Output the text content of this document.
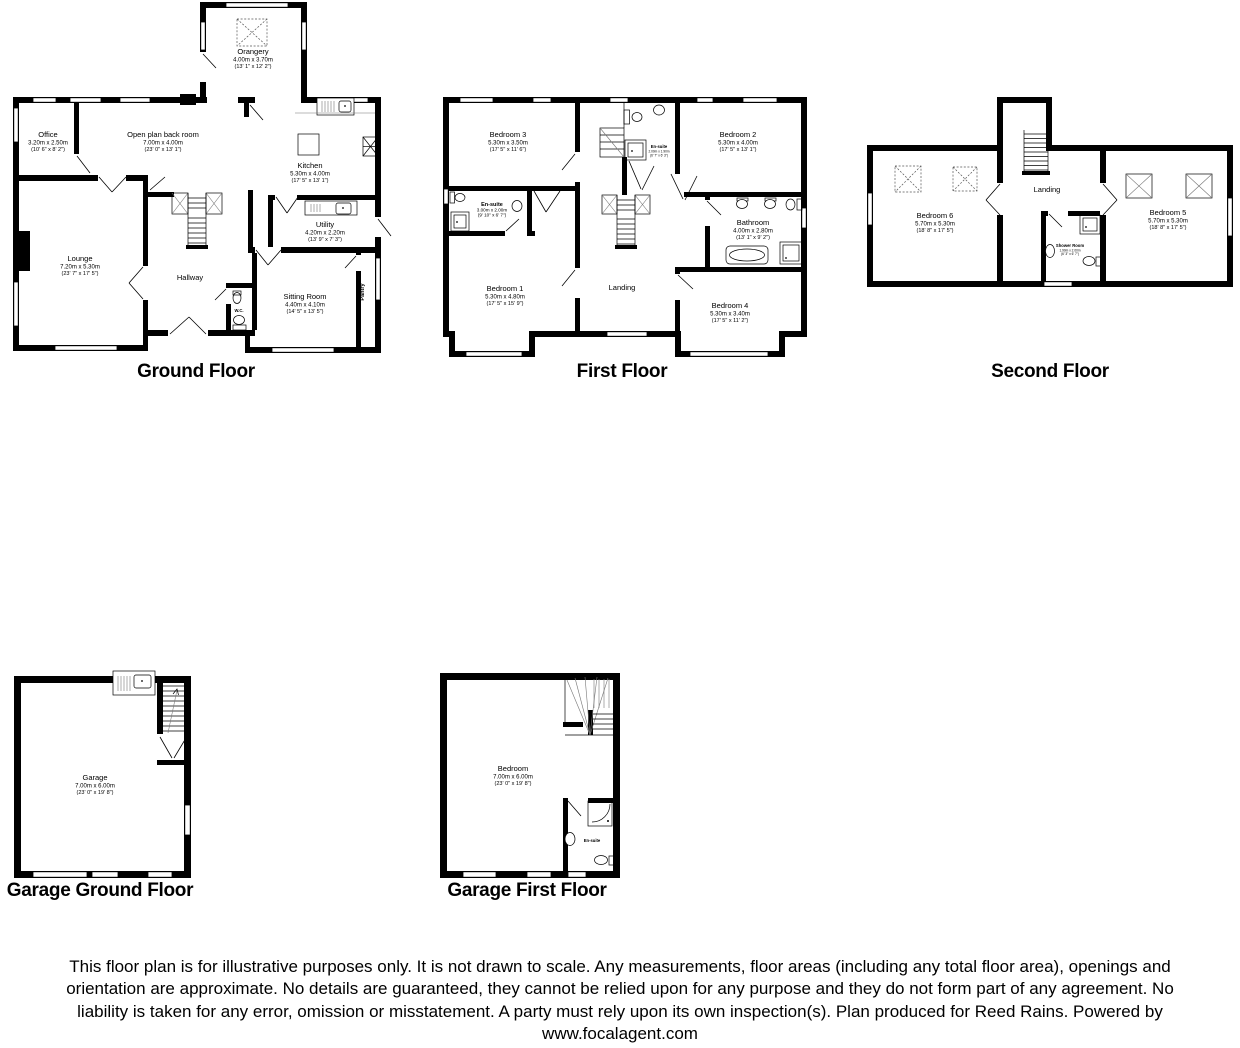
Orangery
4.00m x 3.70m
(13' 1" x 12' 2")
Office
3.20m x 2.50m
(10' 6" x 8' 2")
Open plan back room
7.00m x 4.00m
(23' 0" x 13' 1")
Kitchen
5.30m x 4.00m
(17' 5" x 13' 1")
Utility
4.20m x 2.20m
(13' 9" x 7' 3")
Lounge
7.20m x 5.30m
(23' 7" x 17' 5")	Hallway
Sitting Room
4.40m x 4.10m
(14' 5" x 13' 5")
W.C.
Pantry
Ground Floor
Bedroom 3
5.30m x 3.50m
(17' 5" x 11' 6")
Bedroom 2
5.30m x 4.00m
(17' 5" x 13' 1")
En-suite
3.00m x 2.00m
(9' 10" x 6' 7")
En-suite
2.00m x 1.90m
(6' 7" x 6' 3")
Bedroom 1
5.30m x 4.80m
(17' 5" x 15' 9")
Landing
Bathroom
4.00m x 2.80m
(13' 1" x 9' 2")
Bedroom 4
5.30m x 3.40m
(17' 5" x 11' 2")
First Floor
Bedroom 6
5.70m x 5.30m
(18' 8" x 17' 5")
Bedroom 5
5.70m x 5.30m
(18' 8" x 17' 5")
Landing
Shower Room
1.90m x 2.00m
(6' 3" x 6' 7")
Second Floor
Garage
7.00m x 6.00m
(23' 0" x 19' 8")
Garage Ground Floor
Bedroom
7.00m x 6.00m
(23' 0" x 19' 8")
En-suite
Garage First Floor
This floor plan is for illustrative purposes only. It is not drawn to scale. Any measurements, floor areas (including any total floor area), openings and
orientation are approximate. No details are guaranteed, they cannot be relied upon for any purpose and they do not form part of any agreement. No
liability is taken for any error, omission or misstatement. A party must rely upon its own inspection(s). Plan produced for Reed Rains. Powered by
www.focalagent.com
